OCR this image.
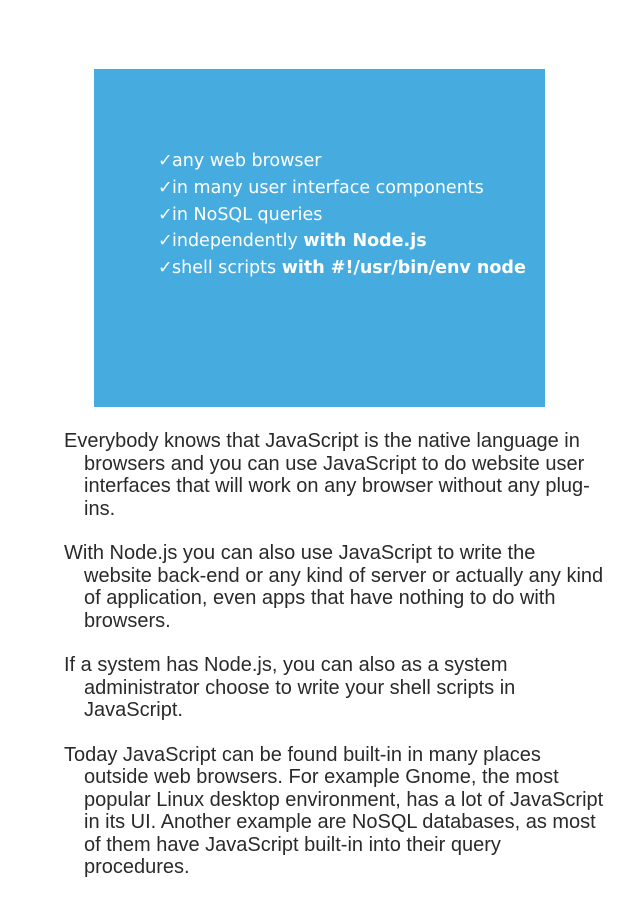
✓any web browser
✓in many user interface components
✓in NoSQL queries
✓independently with Node.js
✓shell scripts with #!/usr/bin/env node

Everybody knows that JavaScript is the native language in browsers and you can use JavaScript to do website user interfaces that will work on any browser without any plug-ins.

With Node.js you can also use JavaScript to write the website back-end or any kind of server or actually any kind of application, even apps that have nothing to do with browsers.

If a system has Node.js, you can also as a system administrator choose to write your shell scripts in JavaScript.

Today JavaScript can be found built-in in many places outside web browsers. For example Gnome, the most popular Linux desktop environment, has a lot of JavaScript in its UI. Another example are NoSQL databases, as most of them have JavaScript built-in into their query procedures.
